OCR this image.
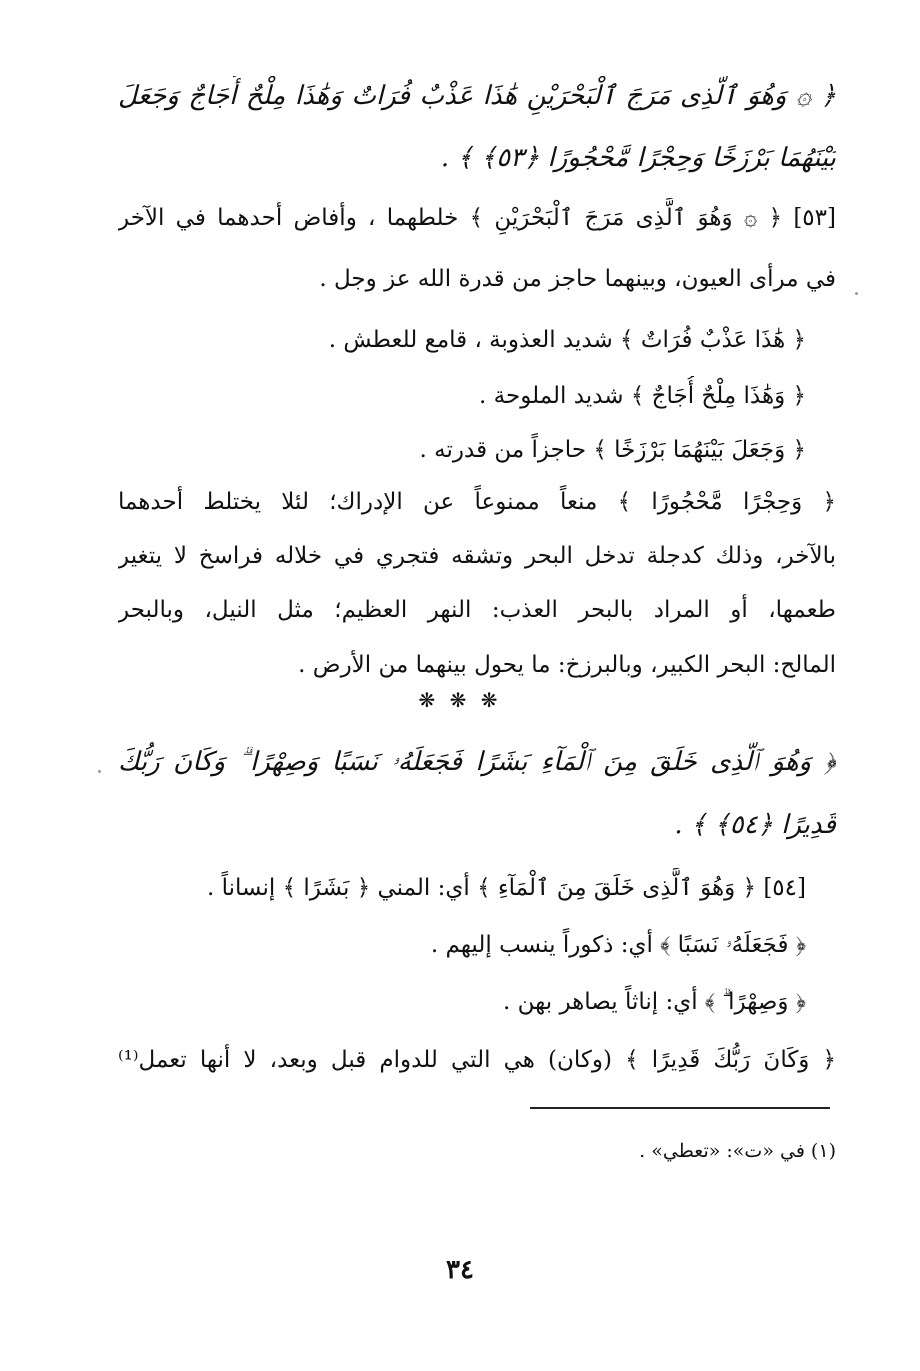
﴿ ۞ وَهُوَ ٱلَّذِى مَرَجَ ٱلْبَحْرَيْنِ هَٰذَا عَذْبٌ فُرَاتٌ وَهَٰذَا مِلْحٌ أُجَاجٌ وَجَعَلَ
بَيْنَهُمَا بَرْزَخًا وَحِجْرًا مَّحْجُورًا ﴿٥٣﴾ ﴾ .
[٥٣] ﴿ ۞ وَهُوَ ٱلَّذِى مَرَجَ ٱلْبَحْرَيْنِ ﴾ خلطهما ، وأفاض أحدهما في الآخر
في مرأى العيون، وبينهما حاجز من قدرة الله عز وجل .
﴿ هَٰذَا عَذْبٌ فُرَاتٌ ﴾ شديد العذوبة ، قامع للعطش .
﴿ وَهَٰذَا مِلْحٌ أُجَاجٌ ﴾ شديد الملوحة .
﴿ وَجَعَلَ بَيْنَهُمَا بَرْزَخًا ﴾ حاجزاً من قدرته .
﴿ وَحِجْرًا مَّحْجُورًا ﴾ منعاً ممنوعاً عن الإدراك؛ لئلا يختلط أحدهما
بالآخر، وذلك كدجلة تدخل البحر وتشقه فتجري في خلاله فراسخ لا يتغير
طعمها، أو المراد بالبحر العذب: النهر العظيم؛ مثل النيل، وبالبحر
المالح: البحر الكبير، وبالبرزخ: ما يحول بينهما من الأرض .
❋ ❋ ❋
﴿ وَهُوَ ٱلَّذِى خَلَقَ مِنَ ٱلْمَآءِ بَشَرًا فَجَعَلَهُۥ نَسَبًا وَصِهْرًا ۗ وَكَانَ رَبُّكَ
قَدِيرًا ﴿٥٤﴾ ﴾ .
[٥٤] ﴿ وَهُوَ ٱلَّذِى خَلَقَ مِنَ ٱلْمَآءِ ﴾ أي: المني ﴿ بَشَرًا ﴾ إنساناً .
﴿ فَجَعَلَهُۥ نَسَبًا ﴾ أي: ذكوراً ينسب إليهم .
﴿ وَصِهْرًا ۗ ﴾ أي: إناثاً يصاهر بهن .
﴿ وَكَانَ رَبُّكَ قَدِيرًا ﴾ (وكان) هي التي للدوام قبل وبعد، لا أنها تعمل⁽¹⁾
(١) في «ت»: «تعطي» .
٣٤
